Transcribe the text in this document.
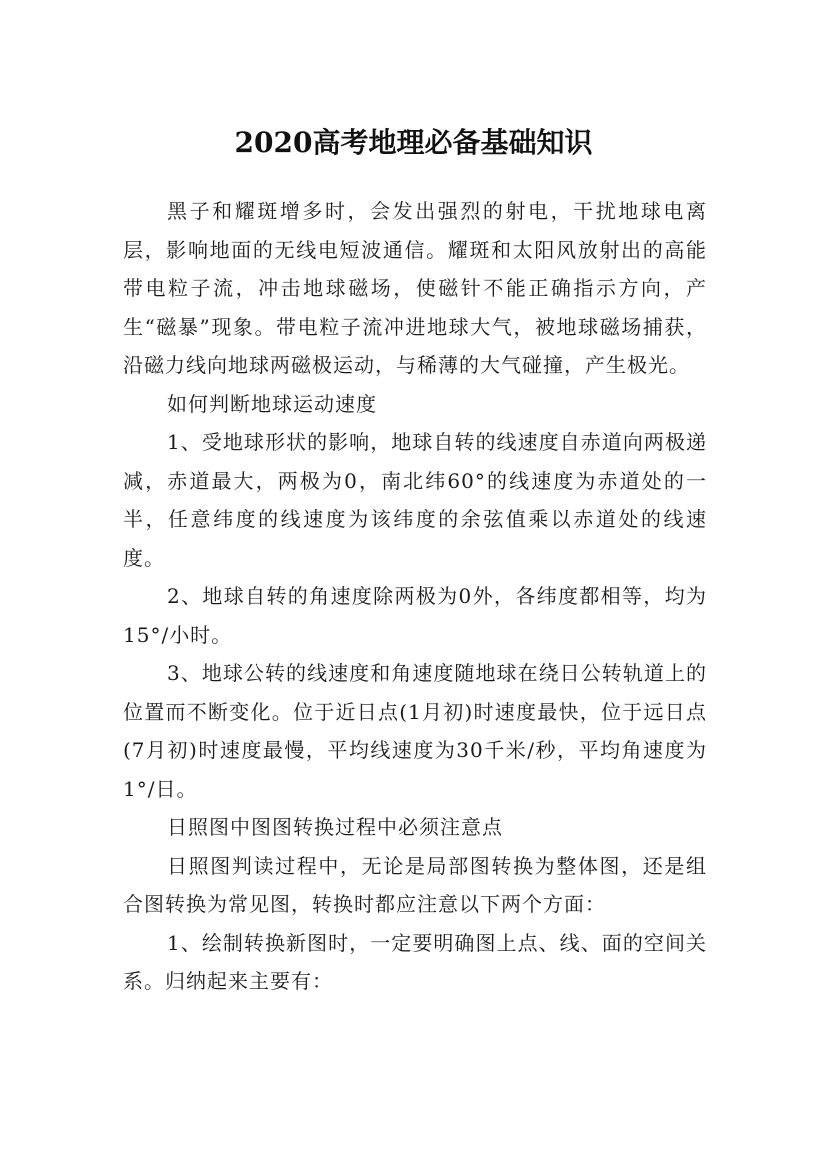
2020高考地理必备基础知识

黑子和耀斑增多时，会发出强烈的射电，干扰地球电离层，影响地面的无线电短波通信。耀斑和太阳风放射出的高能带电粒子流，冲击地球磁场，使磁针不能正确指示方向，产生“磁暴”现象。带电粒子流冲进地球大气，被地球磁场捕获，沿磁力线向地球两磁极运动，与稀薄的大气碰撞，产生极光。

如何判断地球运动速度

1、受地球形状的影响，地球自转的线速度自赤道向两极递减，赤道最大，两极为0，南北纬60°的线速度为赤道处的一半，任意纬度的线速度为该纬度的余弦值乘以赤道处的线速度。

2、地球自转的角速度除两极为0外，各纬度都相等，均为15°/小时。

3、地球公转的线速度和角速度随地球在绕日公转轨道上的位置而不断变化。位于近日点(1月初)时速度最快，位于远日点(7月初)时速度最慢，平均线速度为30千米/秒，平均角速度为1°/日。

日照图中图图转换过程中必须注意点

日照图判读过程中，无论是局部图转换为整体图，还是组合图转换为常见图，转换时都应注意以下两个方面：

1、绘制转换新图时，一定要明确图上点、线、面的空间关系。归纳起来主要有：
